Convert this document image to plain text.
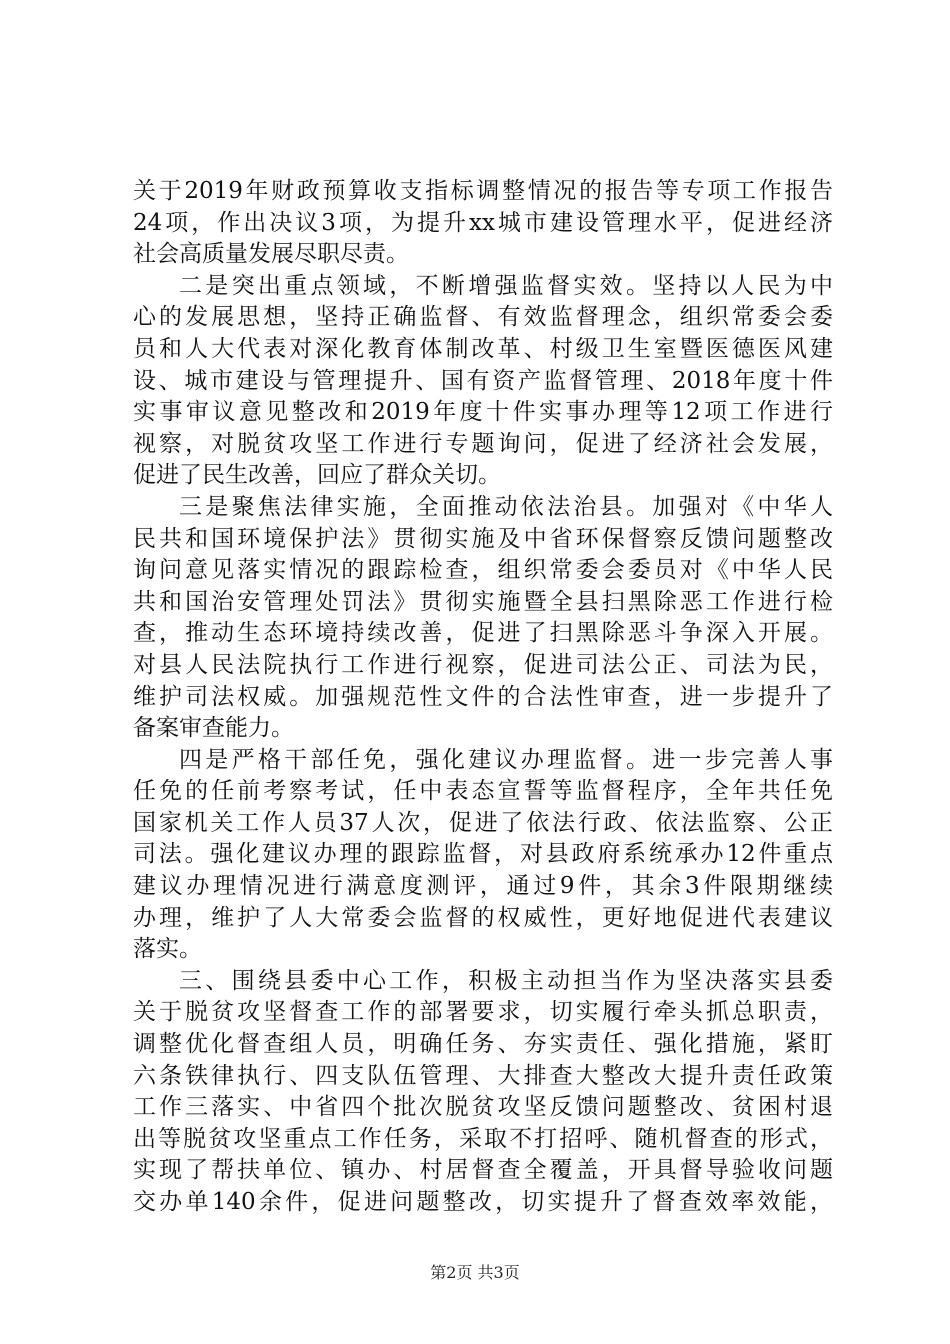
关于2019年财政预算收支指标调整情况的报告等专项工作报告
24项，作出决议3项，为提升xx城市建设管理水平，促进经济
社会高质量发展尽职尽责。
二是突出重点领域，不断增强监督实效。坚持以人民为中
心的发展思想，坚持正确监督、有效监督理念，组织常委会委
员和人大代表对深化教育体制改革、村级卫生室暨医德医风建
设、城市建设与管理提升、国有资产监督管理、2018年度十件
实事审议意见整改和2019年度十件实事办理等12项工作进行
视察，对脱贫攻坚工作进行专题询问，促进了经济社会发展，
促进了民生改善，回应了群众关切。
三是聚焦法律实施，全面推动依法治县。加强对《中华人
民共和国环境保护法》贯彻实施及中省环保督察反馈问题整改
询问意见落实情况的跟踪检查，组织常委会委员对《中华人民
共和国治安管理处罚法》贯彻实施暨全县扫黑除恶工作进行检
查，推动生态环境持续改善，促进了扫黑除恶斗争深入开展。
对县人民法院执行工作进行视察，促进司法公正、司法为民，
维护司法权威。加强规范性文件的合法性审查，进一步提升了
备案审查能力。
四是严格干部任免，强化建议办理监督。进一步完善人事
任免的任前考察考试，任中表态宣誓等监督程序，全年共任免
国家机关工作人员37人次，促进了依法行政、依法监察、公正
司法。强化建议办理的跟踪监督，对县政府系统承办12件重点
建议办理情况进行满意度测评，通过9件，其余3件限期继续
办理，维护了人大常委会监督的权威性，更好地促进代表建议
落实。
三、围绕县委中心工作，积极主动担当作为坚决落实县委
关于脱贫攻坚督查工作的部署要求，切实履行牵头抓总职责，
调整优化督查组人员，明确任务、夯实责任、强化措施，紧盯
六条铁律执行、四支队伍管理、大排查大整改大提升责任政策
工作三落实、中省四个批次脱贫攻坚反馈问题整改、贫困村退
出等脱贫攻坚重点工作任务，采取不打招呼、随机督查的形式，
实现了帮扶单位、镇办、村居督查全覆盖，开具督导验收问题
交办单140余件，促进问题整改，切实提升了督查效率效能，
第2页 共3页
